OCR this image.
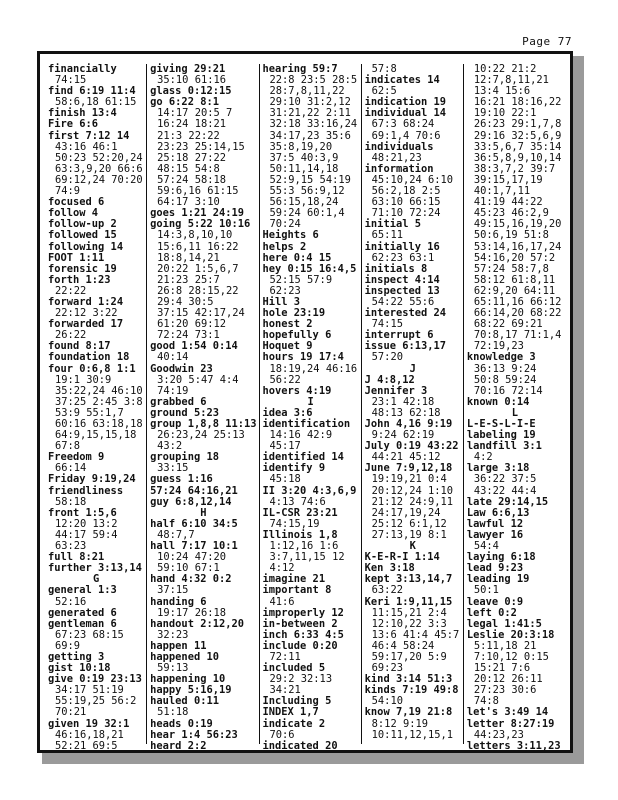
Page 77
financially
74:15
find 6:19 11:4
58:6,18 61:15
finish 13:4
Fire 6:6
first 7:12 14
43:16 46:1
50:23 52:20,24
63:3,9,20 66:6
69:12,24 70:20
74:9
focused 6
follow 4
follow-up 2
followed 15
following 14
FOOT 1:11
forensic 19
forth 1:23
22:22
forward 1:24
22:12 3:22
forwarded 17
26:22
found 8:17
foundation 18
four 0:6,8 1:1
19:1 30:9
35:22,24 46:10
37:25 2:45 3:8
53:9 55:1,7
60:16 63:18,18
64:9,15,15,18
67:8
Freedom 9
66:14
Friday 9:19,24
friendliness
58:18
front 1:5,6
12:20 13:2
44:17 59:4
63:23
full 8:21
further 3:13,14
G
general 1:3
52:16
generated 6
gentleman 6
67:23 68:15
69:9
getting 3
gist 10:18
give 0:19 23:13
34:17 51:19
55:19,25 56:2
70:21
given 19 32:1
46:16,18,21
52:21 69:5
giving 29:21
35:10 61:16
glass 0:12:15
go 6:22 8:1
14:17 20:5 7
16:24 18:21
21:3 22:22
23:23 25:14,15
25:18 27:22
48:15 54:8
57:24 58:18
59:6,16 61:15
64:17 3:10
goes 1:21 24:19
going 5:22 10:16
14:3,8,10,10
15:6,11 16:22
18:8,14,21
20:22 1:5,6,7
21:23 25:7
26:8 28:15,22
29:4 30:5
37:15 42:17,24
61:20 69:12
72:24 73:1
good 1:54 0:14
40:14
Goodwin 23
3:20 5:47 4:4
74:19
grabbed 6
ground 5:23
group 1,8,8 11:13
26:23,24 25:13
43:2
grouping 18
33:15
guess 1:16
57:24 64:16,21
guy 6:8,12,14
H
half 6:10 34:5
48:7,7
hall 7:17 10:1
10:24 47:20
59:10 67:1
hand 4:32 0:2
37:15
handing 6
19:17 26:18
handout 2:12,20
32:23
happen 11
happened 10
59:13
happening 10
happy 5:16,19
hauled 0:11
51:18
heads 0:19
hear 1:4 56:23
heard 2:2
hearing 59:7
22:8 23:5 28:5
28:7,8,11,22
29:10 31:2,12
31:21,22 2:11
32:18 33:16,24
34:17,23 35:6
35:8,19,20
37:5 40:3,9
50:11,14,18
52:9,15 54:19
55:3 56:9,12
56:15,18,24
59:24 60:1,4
70:24
Heights 6
helps 2
here 0:4 15
hey 0:15 16:4,5
52:15 57:9
62:23
Hill 3
hole 23:19
honest 2
hopefully 6
Hoquet 9
hours 19 17:4
18:19,24 46:16
56:22
hovers 4:19
I
idea 3:6
identification
14:16 42:9
45:17
identified 14
identify 9
45:18
II 3:20 4:3,6,9
4:13 74:6
IL-CSR 23:21
74:15,19
Illinois 1,8
1:12,16 1:6
3:7,11,15 12
4:12
imagine 21
important 8
41:6
improperly 12
in-between 2
inch 6:33 4:5
include 0:20
72:11
included 5
29:2 32:13
34:21
Including 5
INDEX 1,7
indicate 2
70:6
indicated 20
57:8
indicates 14
62:5
indication 19
individual 14
67:3 68:24
69:1,4 70:6
individuals
48:21,23
information
45:10,24 6:10
56:2,18 2:5
63:10 66:15
71:10 72:24
initial 5
65:11
initially 16
62:23 63:1
initials 8
inspect 4:14
inspected 13
54:22 55:6
interested 24
74:15
interrupt 6
issue 6:13,17
57:20
J
J 4:8,12
Jennifer 3
23:1 42:18
48:13 62:18
John 4,16 9:19
9:24 62:19
July 0:19 43:22
44:21 45:12
June 7:9,12,18
19:19,21 0:4
20:12,24 1:10
21:12 24:9,11
24:17,19,24
25:12 6:1,12
27:13,19 8:1
K
K-E-R-I 1:14
Ken 3:18
kept 3:13,14,7
63:22
Keri 1:9,11,15
11:15,21 2:4
12:10,22 3:3
13:6 41:4 45:7
46:4 58:24
59:17,20 5:9
69:23
kind 3:14 51:3
kinds 7:19 49:8
54:10
know 7,19 21:8
8:12 9:19
10:11,12,15,1
10:22 21:2
12:7,8,11,21
13:4 15:6
16:21 18:16,22
19:10 22:1
26:23 29:1,7,8
29:16 32:5,6,9
33:5,6,7 35:14
36:5,8,9,10,14
38:3,7,2 39:7
39:15,17,19
40:1,7,11
41:19 44:22
45:23 46:2,9
49:15,16,19,20
50:6,19 51:8
53:14,16,17,24
54:16,20 57:2
57:24 58:7,8
58:12 61:8,11
62:9,20 64:11
65:11,16 66:12
66:14,20 68:22
68:22 69:21
70:8,17 71:1,4
72:19,23
knowledge 3
36:13 9:24
50:8 59:24
70:16 72:14
known 0:14
L
L-E-S-L-I-E
labeling 19
landfill 3:1
4:2
large 3:18
36:22 37:5
43:22 44:4
late 29:14,15
Law 6:6,13
lawful 12
lawyer 16
54:4
laying 6:18
lead 9:23
leading 19
50:1
leave 0:9
left 0:2
legal 1:41:5
Leslie 20:3:18
5:11,18 21
7:10,12 0:15
15:21 7:6
20:12 26:11
27:23 30:6
74:8
let's 3:49 14
letter 8:27:19
44:23,23
letters 3:11,23
